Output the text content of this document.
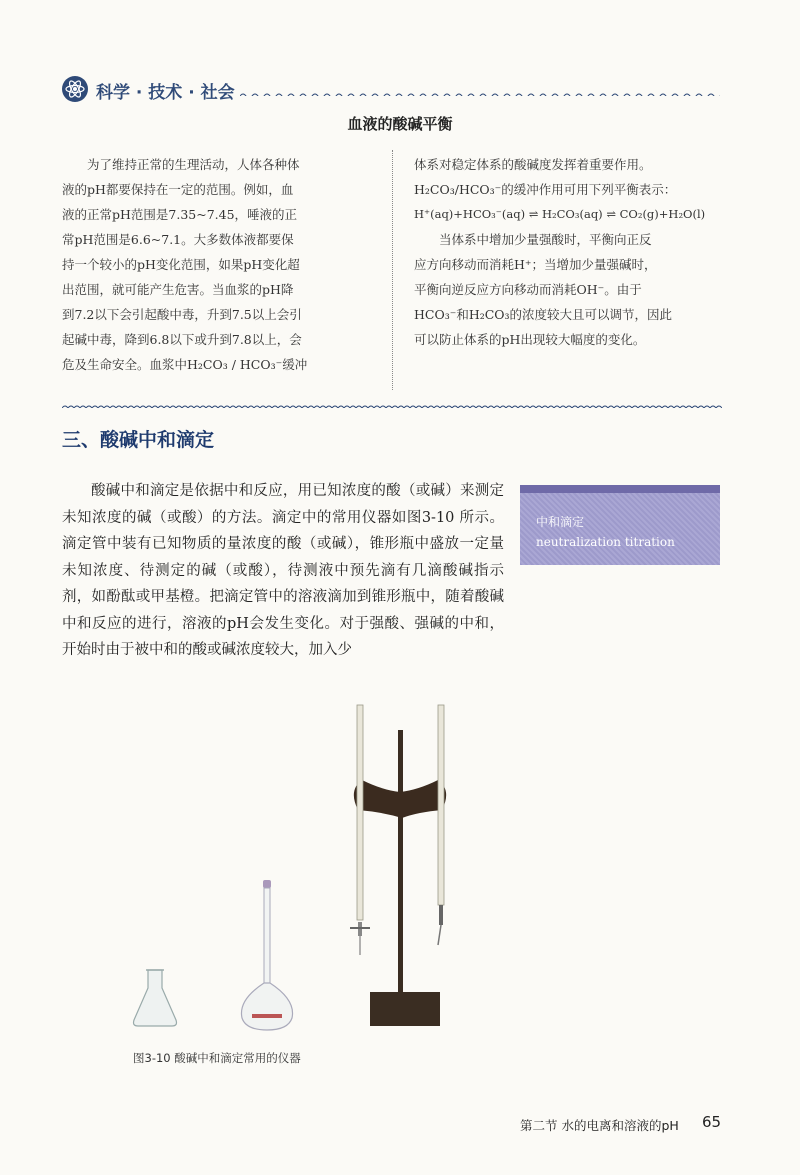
科学 · 技术 · 社会
血液的酸碱平衡
为了维持正常的生理活动，人体各种体
液的pH都要保持在一定的范围。例如，血
液的正常pH范围是7.35~7.45，唾液的正
常pH范围是6.6~7.1。大多数体液都要保
持一个较小的pH变化范围，如果pH变化超
出范围，就可能产生危害。当血浆的pH降
到7.2以下会引起酸中毒，升到7.5以上会引
起碱中毒，降到6.8以下或升到7.8以上，会
危及生命安全。血浆中H₂CO₃ / HCO₃⁻缓冲
体系对稳定体系的酸碱度发挥着重要作用。
H₂CO₃/HCO₃⁻的缓冲作用可用下列平衡表示：
H⁺(aq)+HCO₃⁻(aq) ⇌ H₂CO₃(aq) ⇌ CO₂(g)+H₂O(l)
当体系中增加少量强酸时，平衡向正反
应方向移动而消耗H⁺；当增加少量强碱时，
平衡向逆反应方向移动而消耗OH⁻。由于
HCO₃⁻和H₂CO₃的浓度较大且可以调节，因此
可以防止体系的pH出现较大幅度的变化。
三、酸碱中和滴定

酸碱中和滴定是依据中和反应，用已知浓度的酸（或碱）来测定未知浓度的碱（或酸）的方法。滴定中的常用仪器如图3-10 所示。滴定管中装有已知物质的量浓度的酸（或碱），锥形瓶中盛放一定量未知浓度、待测定的碱（或酸），待测液中预先滴有几滴酸碱指示剂，如酚酞或甲基橙。把滴定管中的溶液滴加到锥形瓶中，随着酸碱中和反应的进行，溶液的pH会发生变化。对于强酸、强碱的中和，开始时由于被中和的酸或碱浓度较大，加入少

中和滴定
neutralization titration
图3-10 酸碱中和滴定常用的仪器
第二节 水的电离和溶液的pH 65
